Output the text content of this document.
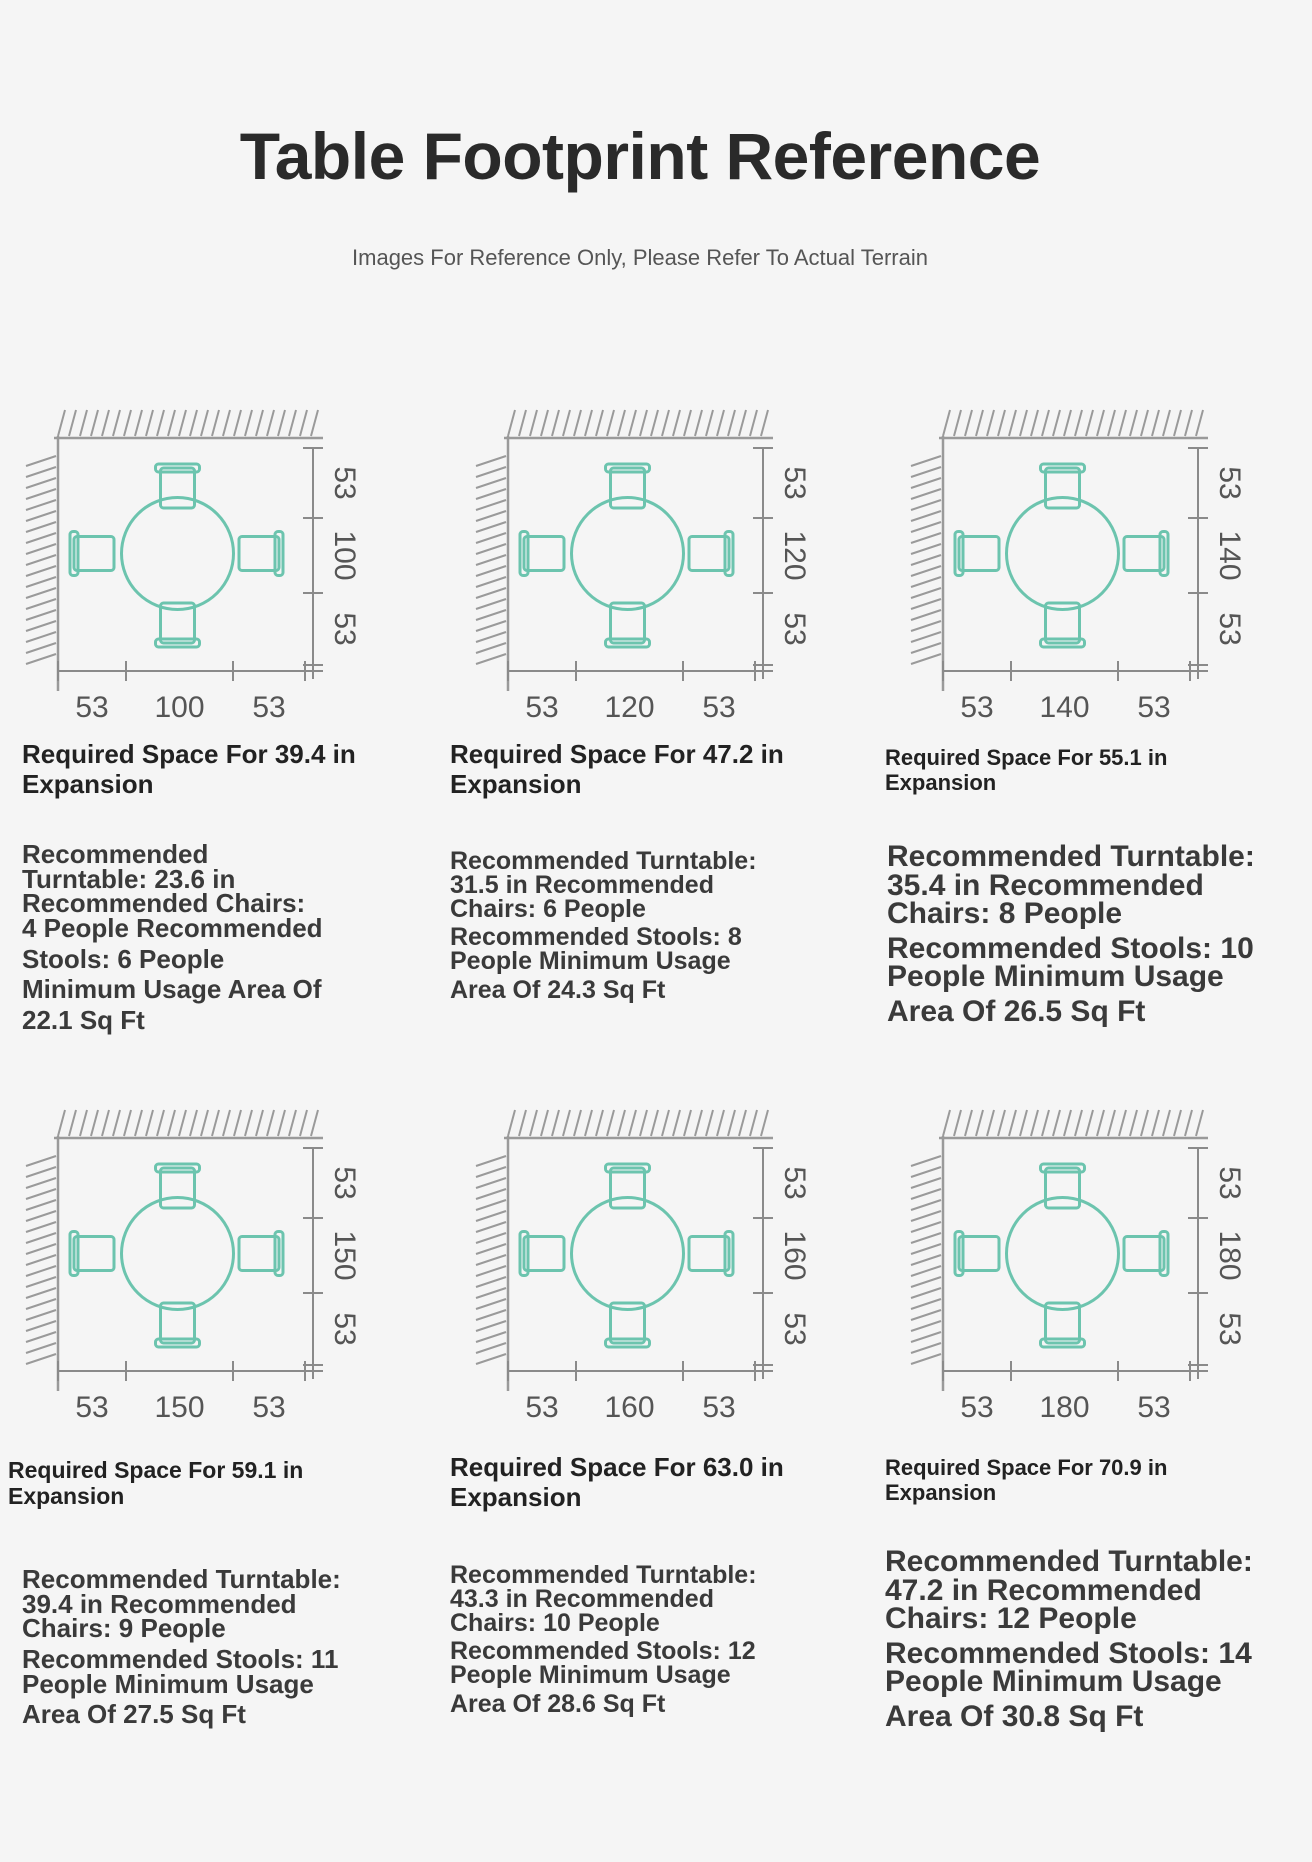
Table Footprint Reference
Images For Reference Only, Please Refer To Actual Terrain
53 100 53
53
100
53
Required Space For 39.4 in Expansion
Recommended
Turntable: 23.6 in
Recommended Chairs:
4 People Recommended
Stools: 6 People
Minimum Usage Area Of
22.1 Sq Ft
53 120 53
53
120
53
Required Space For 47.2 in Expansion
Recommended Turntable:
31.5 in Recommended
Chairs: 6 People
Recommended Stools: 8
People Minimum Usage
Area Of 24.3 Sq Ft
53 140 53
53
140
53
Required Space For 55.1 in Expansion
Recommended Turntable:
35.4 in Recommended
Chairs: 8 People
Recommended Stools: 10
People Minimum Usage
Area Of 26.5 Sq Ft
53 150 53
53
150
53
Required Space For 59.1 in Expansion
Recommended Turntable:
39.4 in Recommended
Chairs: 9 People
Recommended Stools: 11
People Minimum Usage
Area Of 27.5 Sq Ft
53 160 53
53
160
53
Required Space For 63.0 in Expansion
Recommended Turntable:
43.3 in Recommended
Chairs: 10 People
Recommended Stools: 12
People Minimum Usage
Area Of 28.6 Sq Ft
53 180 53
53
180
53
Required Space For 70.9 in Expansion
Recommended Turntable:
47.2 in Recommended
Chairs: 12 People
Recommended Stools: 14
People Minimum Usage
Area Of 30.8 Sq Ft
